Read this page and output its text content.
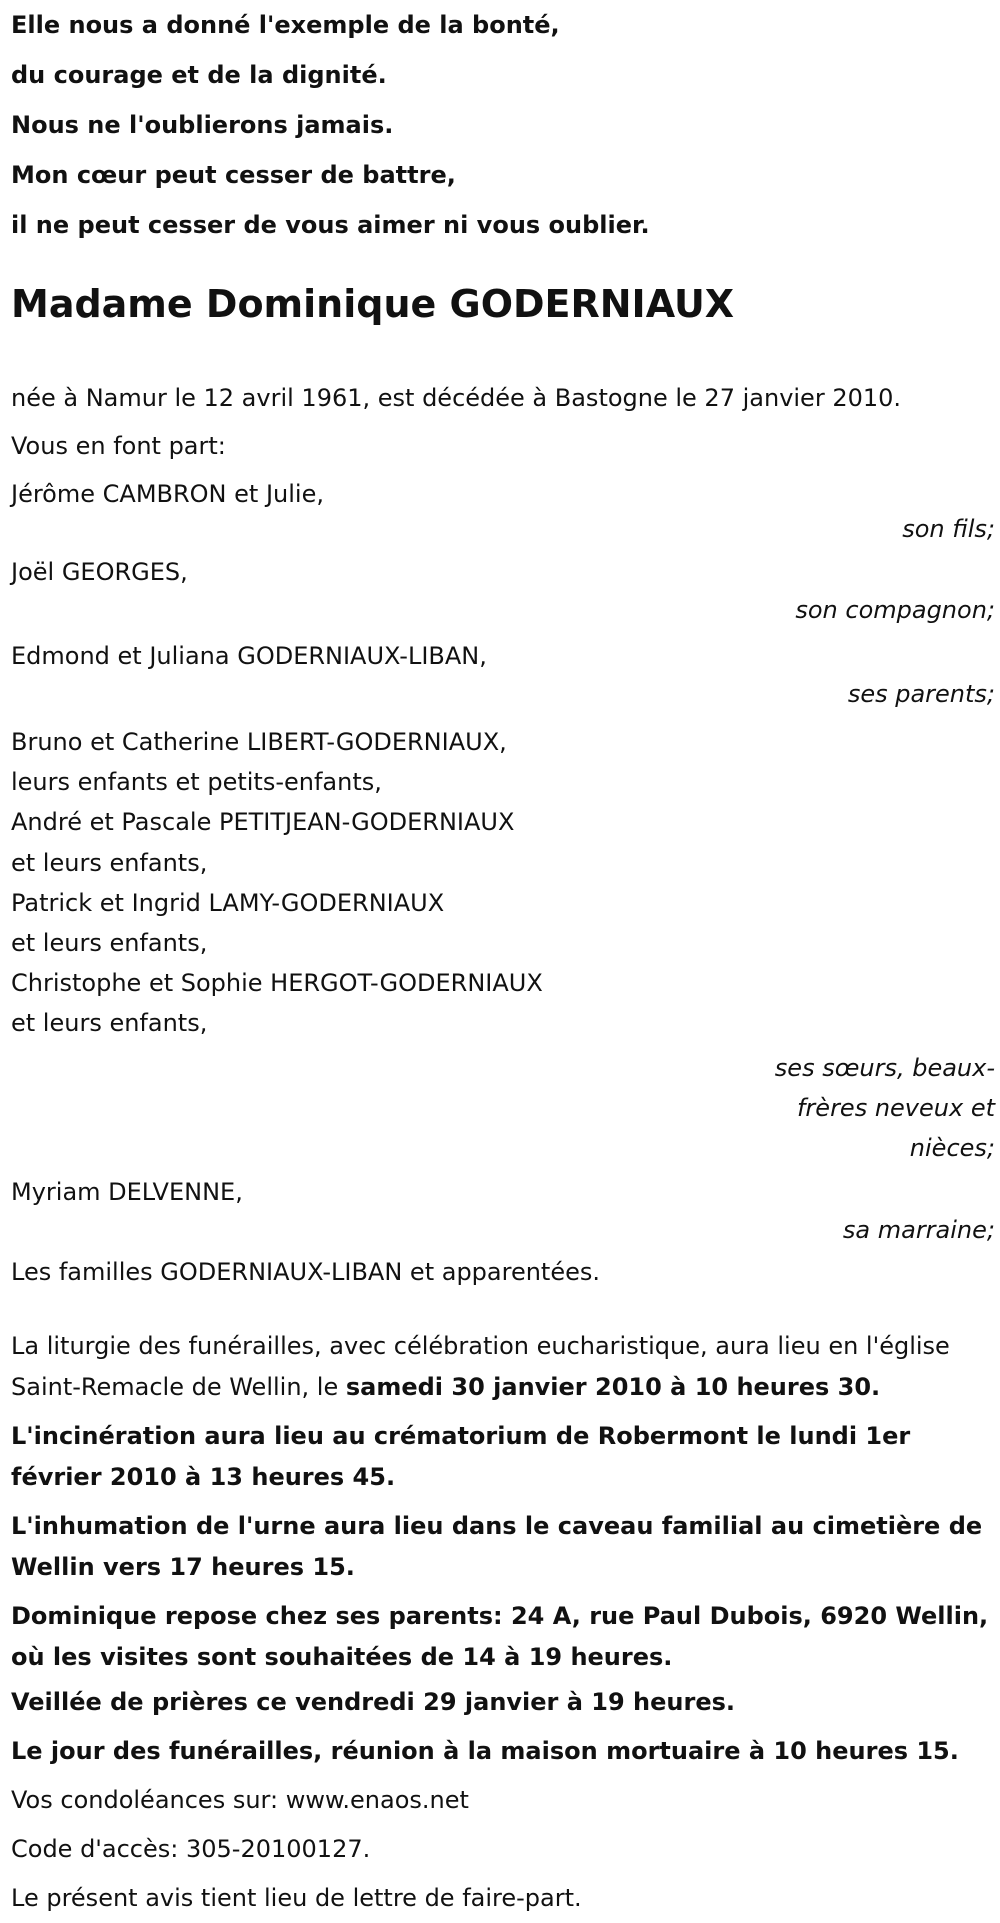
Elle nous a donné l'exemple de la bonté,

du courage et de la dignité.

Nous ne l'oublierons jamais.

Mon cœur peut cesser de battre,

il ne peut cesser de vous aimer ni vous oublier.

Madame Dominique GODERNIAUX

née à Namur le 12 avril 1961, est décédée à Bastogne le 27 janvier 2010.

Vous en font part:

Jérôme CAMBRON et Julie,

son fils;

Joël GEORGES,

son compagnon;

Edmond et Juliana GODERNIAUX-LIBAN,

ses parents;

Bruno et Catherine LIBERT-GODERNIAUX,
leurs enfants et petits-enfants,
André et Pascale PETITJEAN-GODERNIAUX
et leurs enfants,
Patrick et Ingrid LAMY-GODERNIAUX
et leurs enfants,
Christophe et Sophie HERGOT-GODERNIAUX
et leurs enfants,
ses sœurs, beaux-
frères neveux et
nièces;

Myriam DELVENNE,

sa marraine;

Les familles GODERNIAUX-LIBAN et apparentées.

La liturgie des funérailles, avec célébration eucharistique, aura lieu en l'église Saint-Remacle de Wellin, le samedi 30 janvier 2010 à 10 heures 30.

L'incinération aura lieu au crématorium de Robermont le lundi 1er février 2010 à 13 heures 45.

L'inhumation de l'urne aura lieu dans le caveau familial au cimetière de Wellin vers 17 heures 15.

Dominique repose chez ses parents: 24 A, rue Paul Dubois, 6920 Wellin, où les visites sont souhaitées de 14 à 19 heures.

Veillée de prières ce vendredi 29 janvier à 19 heures.

Le jour des funérailles, réunion à la maison mortuaire à 10 heures 15.

Vos condoléances sur: www.enaos.net

Code d'accès: 305-20100127.

Le présent avis tient lieu de lettre de faire-part.
